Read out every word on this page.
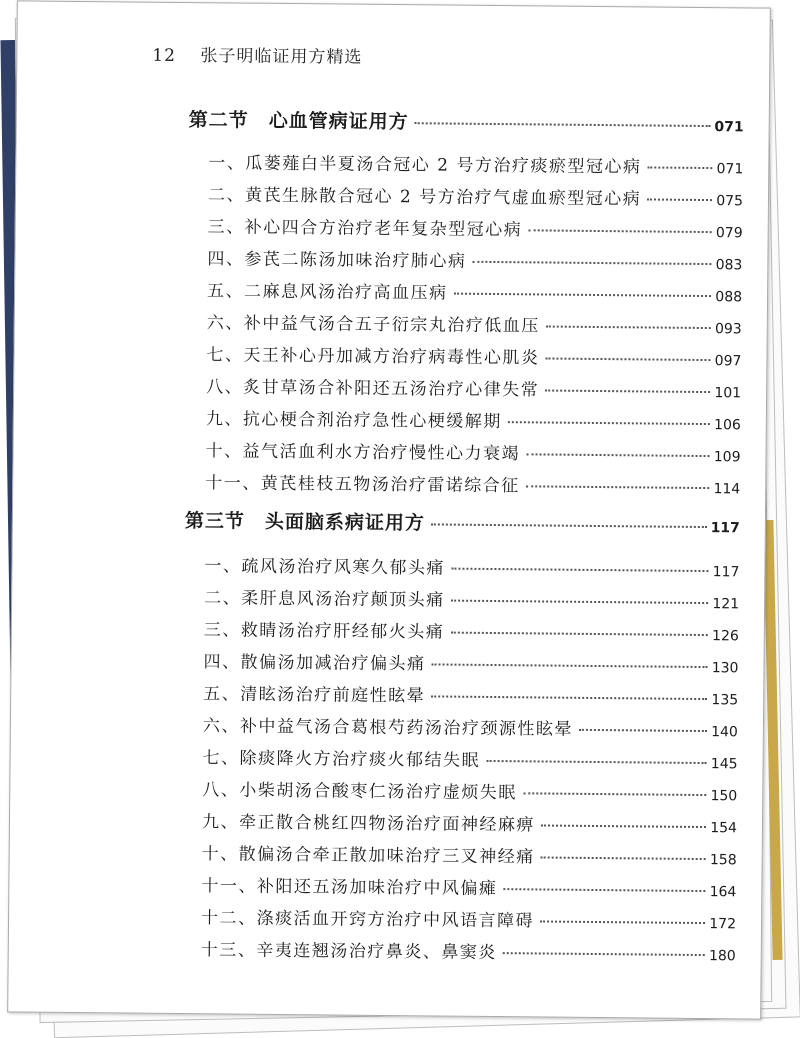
12 张子明临证用方精选
第二节 心血管病证用方	071
一、瓜蒌薤白半夏汤合冠心 2 号方治疗痰瘀型冠心病	071
二、黄芪生脉散合冠心 2 号方治疗气虚血瘀型冠心病	075
三、补心四合方治疗老年复杂型冠心病	079
四、参芪二陈汤加味治疗肺心病	083
五、二麻息风汤治疗高血压病	088
六、补中益气汤合五子衍宗丸治疗低血压	093
七、天王补心丹加减方治疗病毒性心肌炎	097
八、炙甘草汤合补阳还五汤治疗心律失常	101
九、抗心梗合剂治疗急性心梗缓解期	106
十、益气活血利水方治疗慢性心力衰竭	109
十一、黄芪桂枝五物汤治疗雷诺综合征	114
第三节 头面脑系病证用方	117
一、疏风汤治疗风寒久郁头痛	117
二、柔肝息风汤治疗颠顶头痛	121
三、救睛汤治疗肝经郁火头痛	126
四、散偏汤加减治疗偏头痛	130
五、清眩汤治疗前庭性眩晕	135
六、补中益气汤合葛根芍药汤治疗颈源性眩晕	140
七、除痰降火方治疗痰火郁结失眠	145
八、小柴胡汤合酸枣仁汤治疗虚烦失眠	150
九、牵正散合桃红四物汤治疗面神经麻痹	154
十、散偏汤合牵正散加味治疗三叉神经痛	158
十一、补阳还五汤加味治疗中风偏瘫	164
十二、涤痰活血开窍方治疗中风语言障碍	172
十三、辛夷连翘汤治疗鼻炎、鼻窦炎	180
